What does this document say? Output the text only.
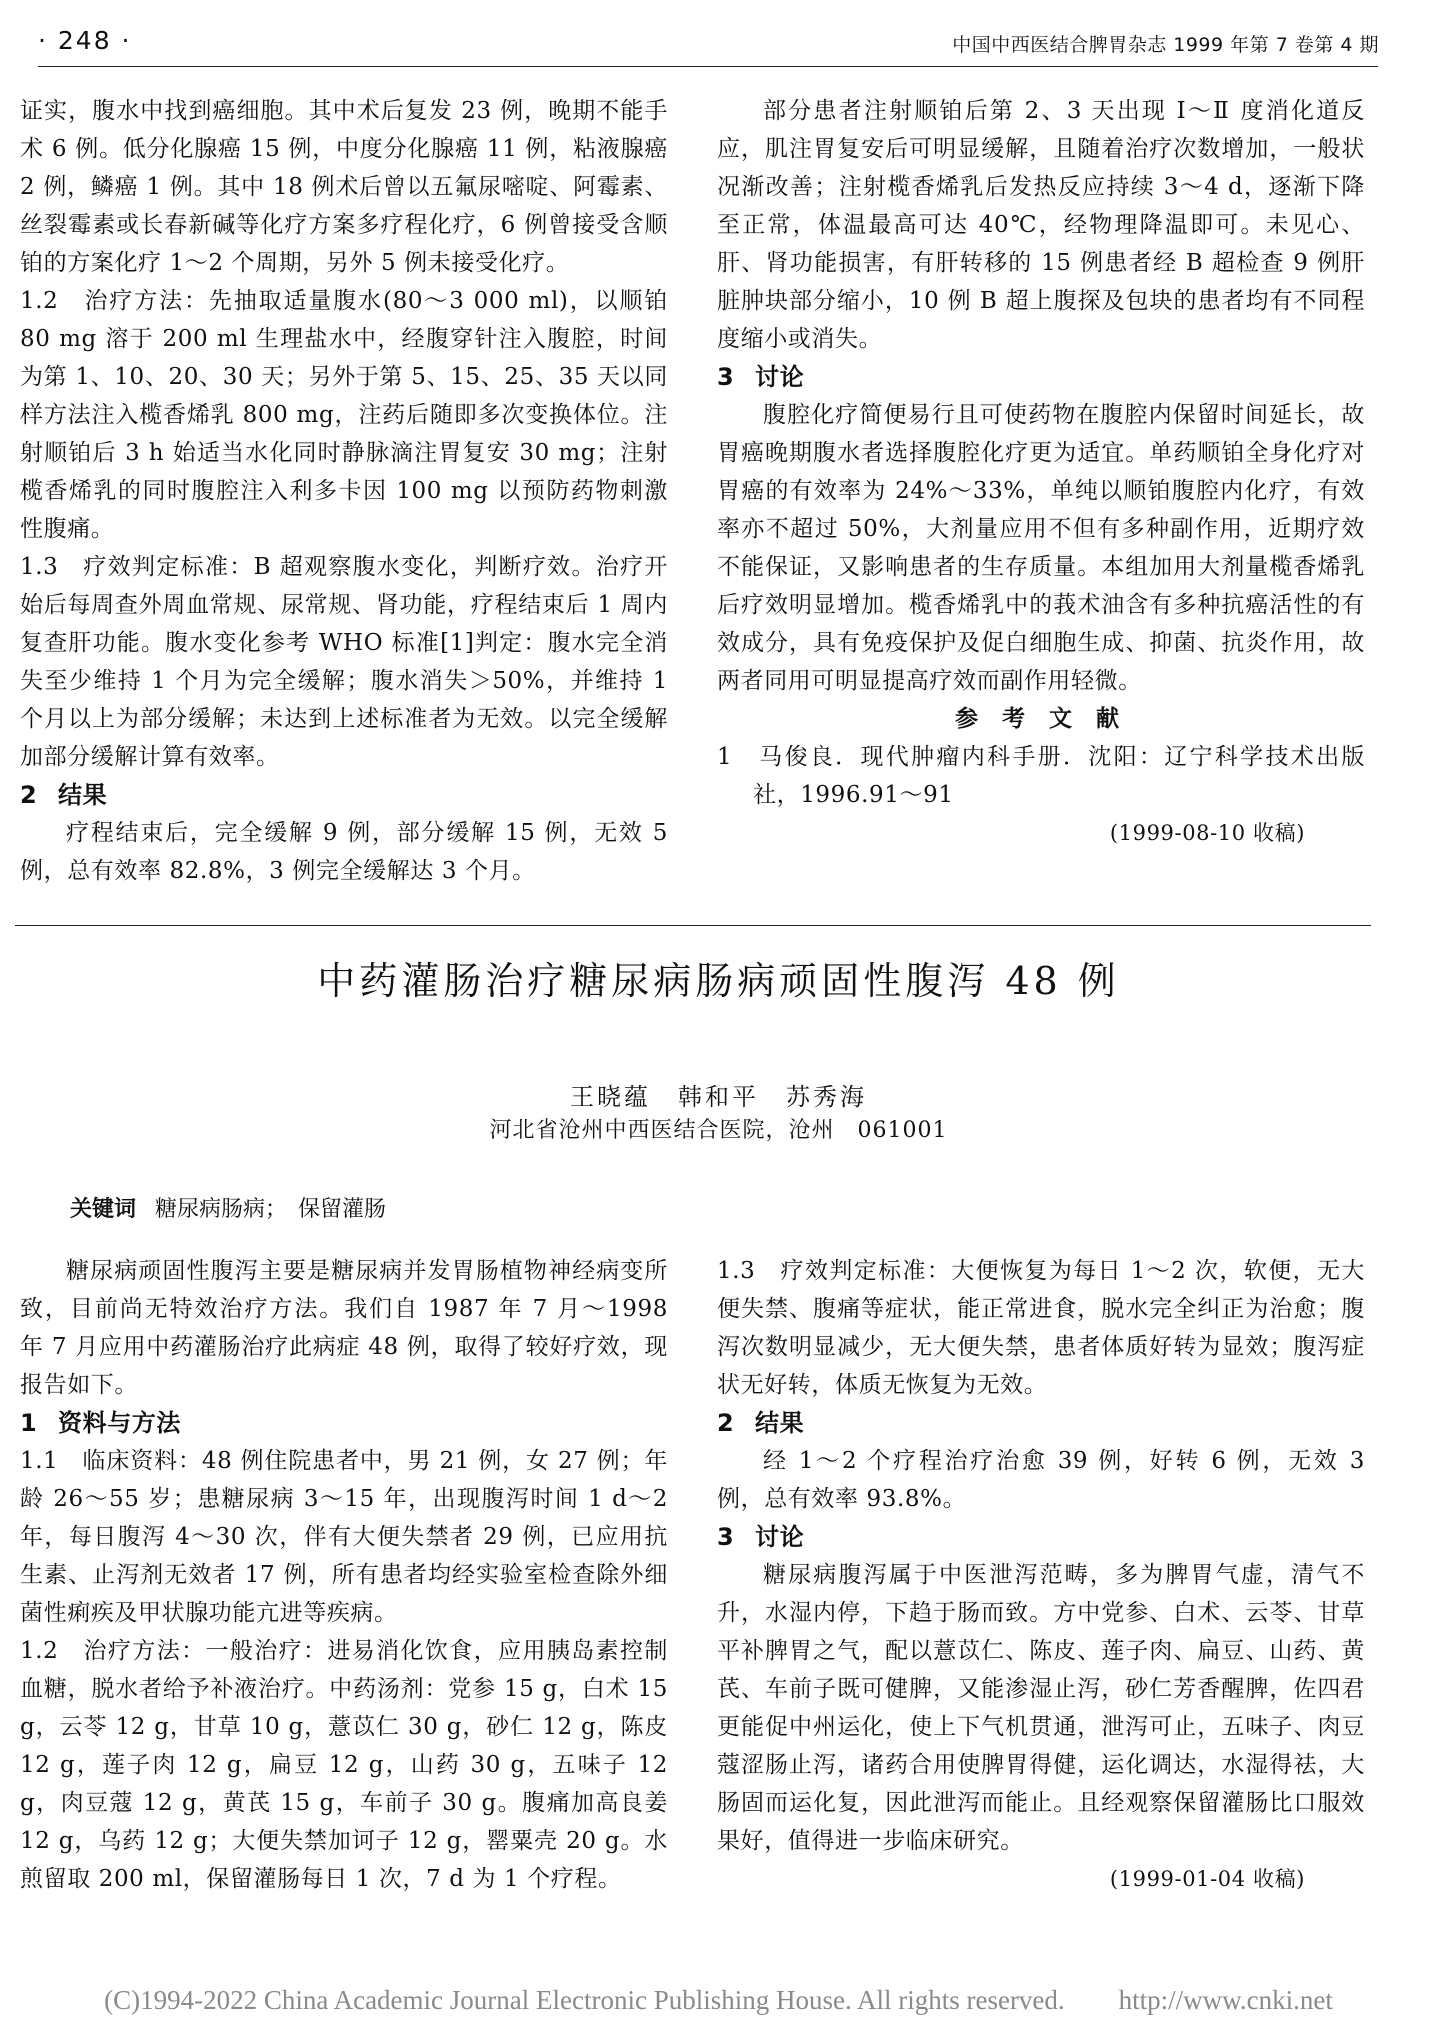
· 248 ·	中国中西医结合脾胃杂志 1999 年第 7 卷第 4 期

证实，腹水中找到癌细胞。其中术后复发 23 例，晚期不能手术 6 例。低分化腺癌 15 例，中度分化腺癌 11 例，粘液腺癌 2 例，鳞癌 1 例。其中 18 例术后曾以五氟尿嘧啶、阿霉素、丝裂霉素或长春新碱等化疗方案多疗程化疗，6 例曾接受含顺铂的方案化疗 1～2 个周期，另外 5 例未接受化疗。

1.2　治疗方法：先抽取适量腹水(80～3 000 ml)，以顺铂 80 mg 溶于 200 ml 生理盐水中，经腹穿针注入腹腔，时间为第 1、10、20、30 天；另外于第 5、15、25、35 天以同样方法注入榄香烯乳 800 mg，注药后随即多次变换体位。注射顺铂后 3 h 始适当水化同时静脉滴注胃复安 30 mg；注射榄香烯乳的同时腹腔注入利多卡因 100 mg 以预防药物刺激性腹痛。

1.3　疗效判定标准：B 超观察腹水变化，判断疗效。治疗开始后每周查外周血常规、尿常规、肾功能，疗程结束后 1 周内复查肝功能。腹水变化参考 WHO 标准[1]判定：腹水完全消失至少维持 1 个月为完全缓解；腹水消失＞50%，并维持 1 个月以上为部分缓解；未达到上述标准者为无效。以完全缓解加部分缓解计算有效率。

2 结果

疗程结束后，完全缓解 9 例，部分缓解 15 例，无效 5 例，总有效率 82.8%，3 例完全缓解达 3 个月。

部分患者注射顺铂后第 2、3 天出现 Ⅰ～Ⅱ 度消化道反应，肌注胃复安后可明显缓解，且随着治疗次数增加，一般状况渐改善；注射榄香烯乳后发热反应持续 3～4 d，逐渐下降至正常，体温最高可达 40℃，经物理降温即可。未见心、肝、肾功能损害，有肝转移的 15 例患者经 B 超检查 9 例肝脏肿块部分缩小，10 例 B 超上腹探及包块的患者均有不同程度缩小或消失。

3 讨论

腹腔化疗简便易行且可使药物在腹腔内保留时间延长，故胃癌晚期腹水者选择腹腔化疗更为适宜。单药顺铂全身化疗对胃癌的有效率为 24%～33%，单纯以顺铂腹腔内化疗，有效率亦不超过 50%，大剂量应用不但有多种副作用，近期疗效不能保证，又影响患者的生存质量。本组加用大剂量榄香烯乳后疗效明显增加。榄香烯乳中的莪术油含有多种抗癌活性的有效成分，具有免疫保护及促白细胞生成、抑菌、抗炎作用，故两者同用可明显提高疗效而副作用轻微。

参 考 文 献

1　马俊良．现代肿瘤内科手册．沈阳：辽宁科学技术出版社，1996.91～91

(1999-08-10 收稿)

中药灌肠治疗糖尿病肠病顽固性腹泻 48 例
王晓蕴　韩和平　苏秀海
河北省沧州中西医结合医院，沧州　061001
关键词 糖尿病肠病；　保留灌肠

糖尿病顽固性腹泻主要是糖尿病并发胃肠植物神经病变所致，目前尚无特效治疗方法。我们自 1987 年 7 月～1998 年 7 月应用中药灌肠治疗此病症 48 例，取得了较好疗效，现报告如下。

1 资料与方法

1.1　临床资料：48 例住院患者中，男 21 例，女 27 例；年龄 26～55 岁；患糖尿病 3～15 年，出现腹泻时间 1 d～2 年，每日腹泻 4～30 次，伴有大便失禁者 29 例，已应用抗生素、止泻剂无效者 17 例，所有患者均经实验室检查除外细菌性痢疾及甲状腺功能亢进等疾病。

1.2　治疗方法：一般治疗：进易消化饮食，应用胰岛素控制血糖，脱水者给予补液治疗。中药汤剂：党参 15 g，白术 15 g，云苓 12 g，甘草 10 g，薏苡仁 30 g，砂仁 12 g，陈皮 12 g，莲子肉 12 g，扁豆 12 g，山药 30 g，五味子 12 g，肉豆蔻 12 g，黄芪 15 g，车前子 30 g。腹痛加高良姜 12 g，乌药 12 g；大便失禁加诃子 12 g，罂粟壳 20 g。水煎留取 200 ml，保留灌肠每日 1 次，7 d 为 1 个疗程。

1.3　疗效判定标准：大便恢复为每日 1～2 次，软便，无大便失禁、腹痛等症状，能正常进食，脱水完全纠正为治愈；腹泻次数明显减少，无大便失禁，患者体质好转为显效；腹泻症状无好转，体质无恢复为无效。

2 结果

经 1～2 个疗程治疗治愈 39 例，好转 6 例，无效 3 例，总有效率 93.8%。

3 讨论

糖尿病腹泻属于中医泄泻范畴，多为脾胃气虚，清气不升，水湿内停，下趋于肠而致。方中党参、白术、云苓、甘草平补脾胃之气，配以薏苡仁、陈皮、莲子肉、扁豆、山药、黄芪、车前子既可健脾，又能渗湿止泻，砂仁芳香醒脾，佐四君更能促中州运化，使上下气机贯通，泄泻可止，五味子、肉豆蔻涩肠止泻，诸药合用使脾胃得健，运化调达，水湿得祛，大肠固而运化复，因此泄泻而能止。且经观察保留灌肠比口服效果好，值得进一步临床研究。

(1999-01-04 收稿)

(C)1994-2022 China Academic Journal Electronic Publishing House. All rights reserved.　　http://www.cnki.net
